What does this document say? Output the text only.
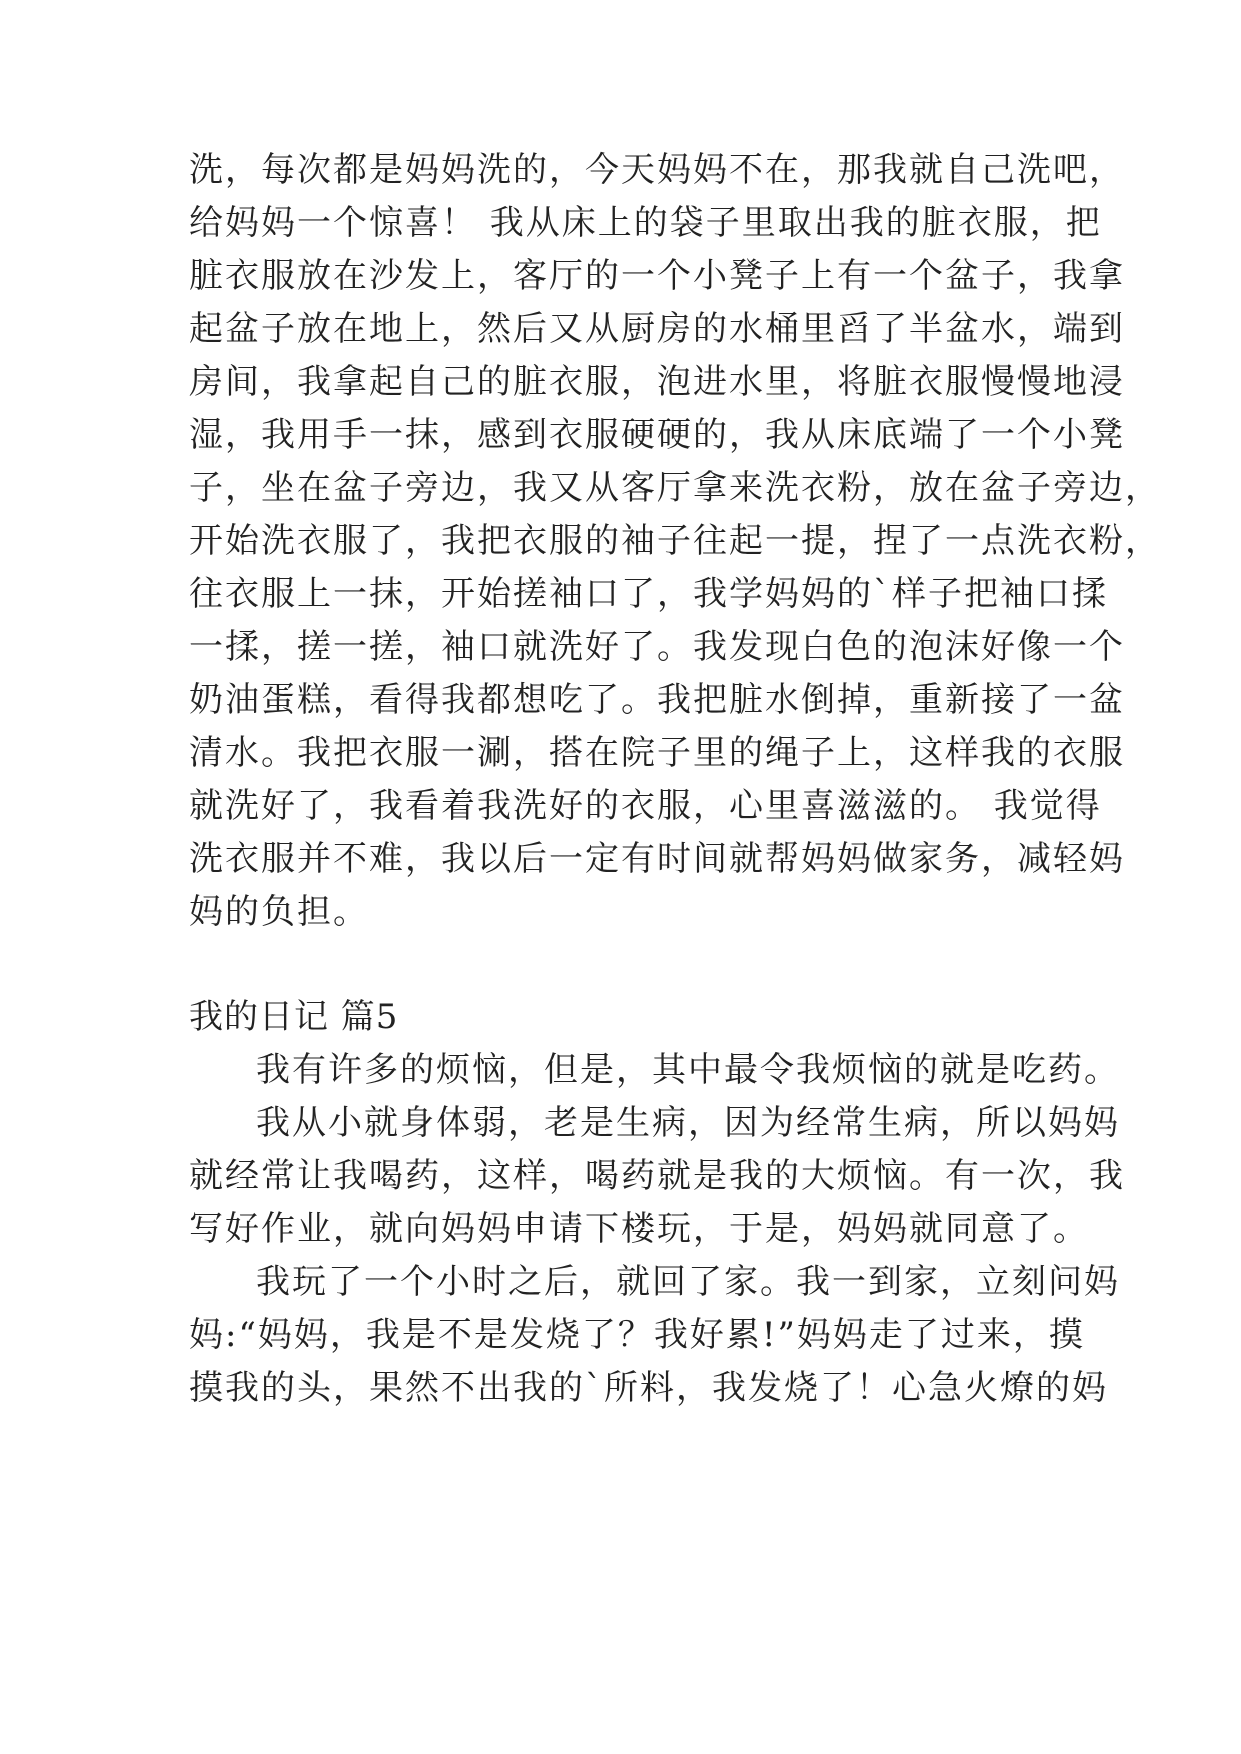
洗，每次都是妈妈洗的，今天妈妈不在，那我就自己洗吧，
给妈妈一个惊喜！ 我从床上的袋子里取出我的脏衣服，把
脏衣服放在沙发上，客厅的一个小凳子上有一个盆子，我拿
起盆子放在地上，然后又从厨房的水桶里舀了半盆水，端到
房间，我拿起自己的脏衣服，泡进水里，将脏衣服慢慢地浸
湿，我用手一抹，感到衣服硬硬的，我从床底端了一个小凳
子，坐在盆子旁边，我又从客厅拿来洗衣粉，放在盆子旁边，
开始洗衣服了，我把衣服的袖子往起一提，捏了一点洗衣粉，
往衣服上一抹，开始搓袖口了，我学妈妈的`样子把袖口揉
一揉，搓一搓，袖口就洗好了。我发现白色的泡沫好像一个
奶油蛋糕，看得我都想吃了。我把脏水倒掉，重新接了一盆
清水。我把衣服一涮，搭在院子里的绳子上，这样我的衣服
就洗好了，我看着我洗好的衣服，心里喜滋滋的。 我觉得
洗衣服并不难，我以后一定有时间就帮妈妈做家务，减轻妈
妈的负担。
我的日记 篇5
我有许多的烦恼，但是，其中最令我烦恼的就是吃药。
我从小就身体弱，老是生病，因为经常生病，所以妈妈
就经常让我喝药，这样，喝药就是我的大烦恼。有一次，我
写好作业，就向妈妈申请下楼玩，于是，妈妈就同意了。
我玩了一个小时之后，就回了家。我一到家，立刻问妈
妈:“妈妈，我是不是发烧了？我好累!”妈妈走了过来，摸
摸我的头，果然不出我的`所料，我发烧了！心急火燎的妈
